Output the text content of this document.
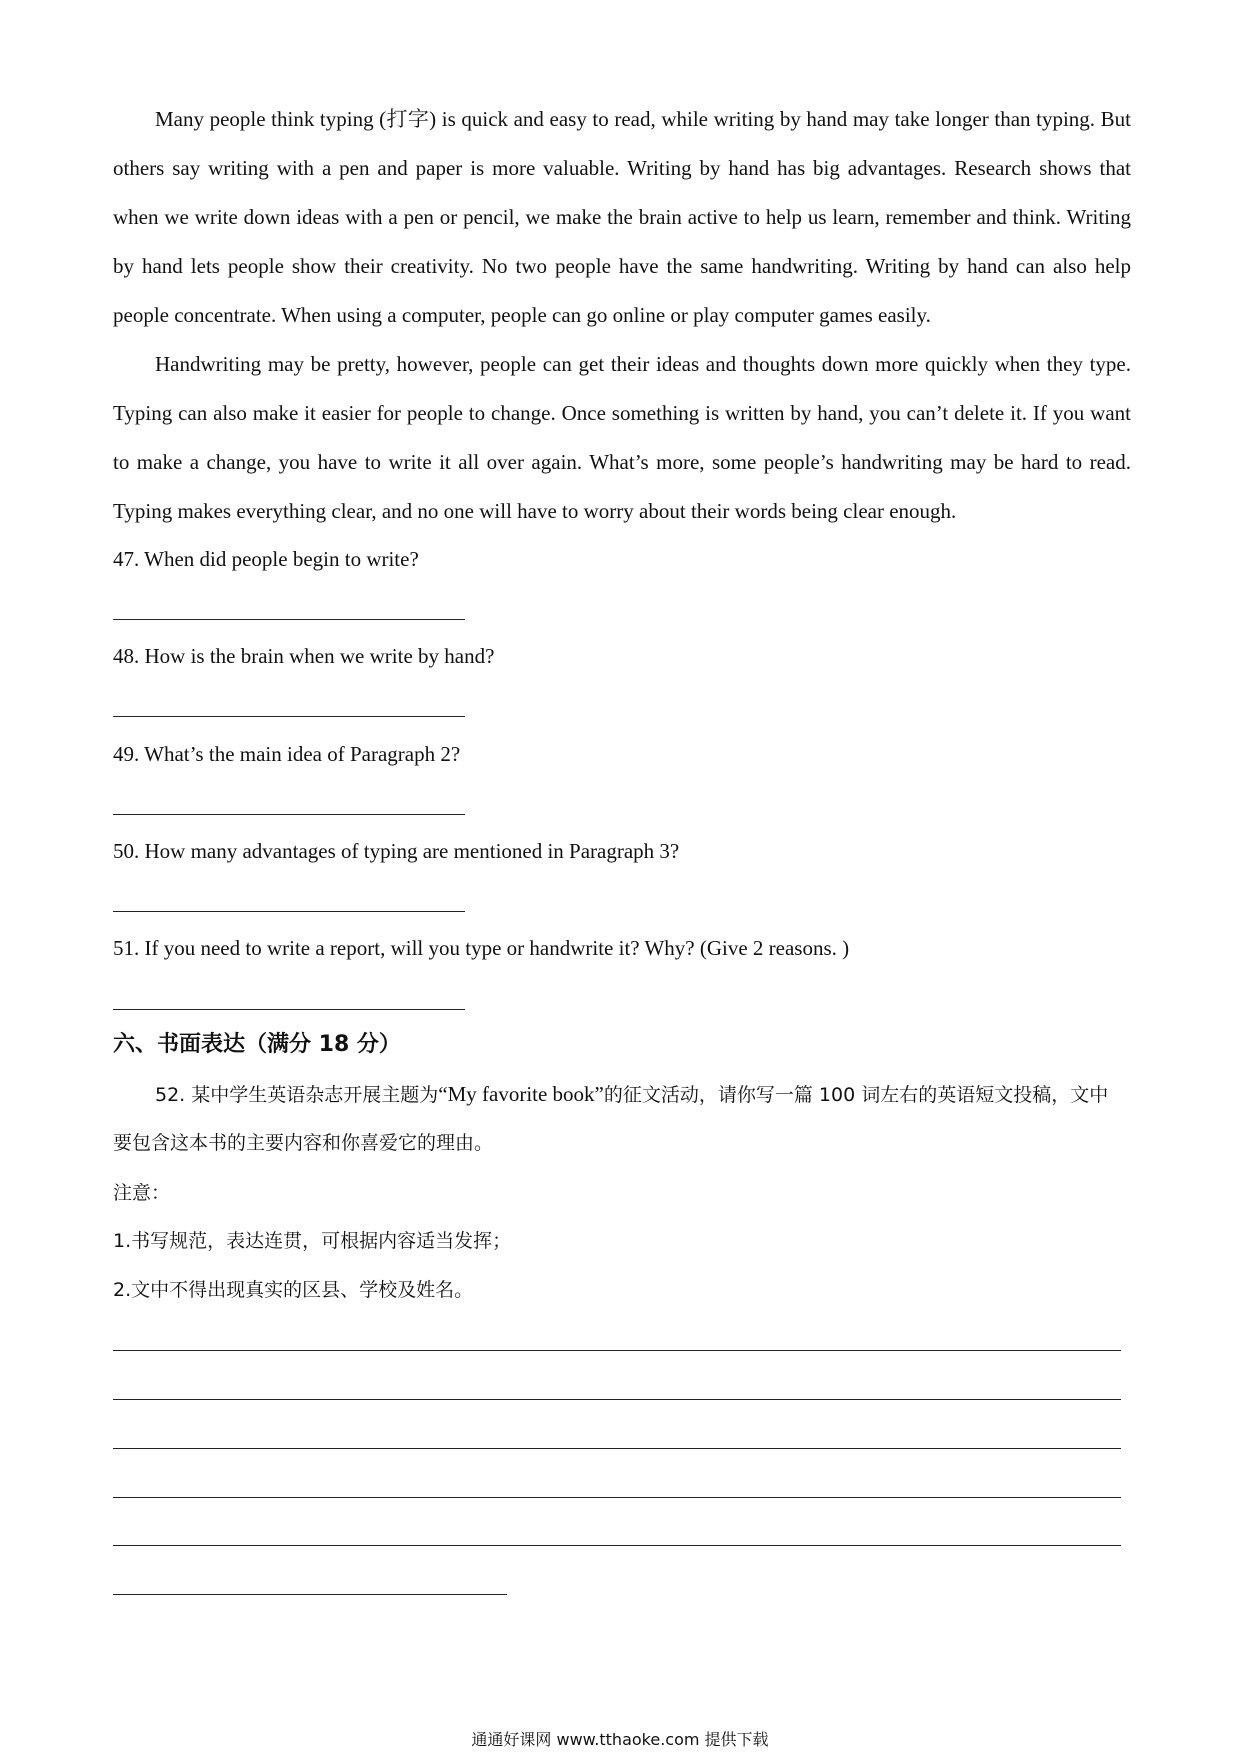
Many people think typing (打字) is quick and easy to read, while writing by hand may take longer than typing. But others say writing with a pen and paper is more valuable. Writing by hand has big advantages. Research shows that when we write down ideas with a pen or pencil, we make the brain active to help us learn, remember and think. Writing by hand lets people show their creativity. No two people have the same handwriting. Writing by hand can also help people concentrate. When using a computer, people can go online or play computer games easily.

Handwriting may be pretty, however, people can get their ideas and thoughts down more quickly when they type. Typing can also make it easier for people to change. Once something is written by hand, you can’t delete it. If you want to make a change, you have to write it all over again. What’s more, some people’s handwriting may be hard to read. Typing makes everything clear, and no one will have to worry about their words being clear enough.

47. When did people begin to write?

48. How is the brain when we write by hand?

49. What’s the main idea of Paragraph 2?

50. How many advantages of typing are mentioned in Paragraph 3?

51. If you need to write a report, will you type or handwrite it? Why? (Give 2 reasons. )

六、书面表达（满分 18 分）

52. 某中学生英语杂志开展主题为“My favorite book”的征文活动，请你写一篇 100 词左右的英语短文投稿，文中要包含这本书的主要内容和你喜爱它的理由。

注意：

1.书写规范，表达连贯，可根据内容适当发挥；

2.文中不得出现真实的区县、学校及姓名。

通通好课网 www.tthaoke.com 提供下载
